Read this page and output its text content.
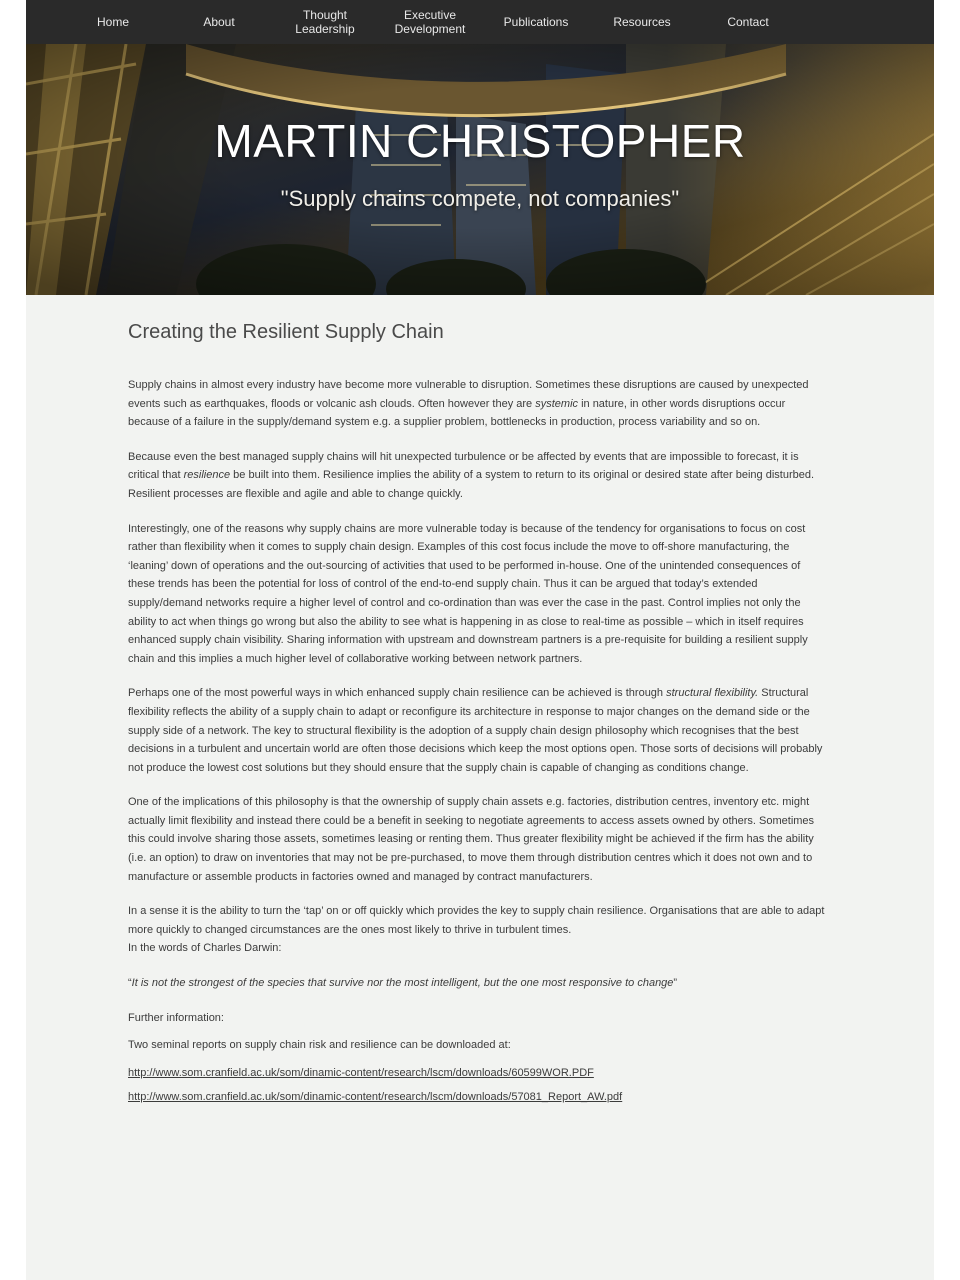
Home	About	Thought Leadership
Executive Development	Publications	Resources	Contact
MARTIN CHRISTOPHER
"Supply chains compete, not companies"
Creating the Resilient Supply Chain

Supply chains in almost every industry have become more vulnerable to disruption. Sometimes these disruptions are caused by unexpected events such as earthquakes, floods or volcanic ash clouds. Often however they are systemic in nature, in other words disruptions occur because of a failure in the supply/demand system e.g. a supplier problem, bottlenecks in production, process variability and so on.

Because even the best managed supply chains will hit unexpected turbulence or be affected by events that are impossible to forecast, it is critical that resilience be built into them. Resilience implies the ability of a system to return to its original or desired state after being disturbed. Resilient processes are flexible and agile and able to change quickly.

Interestingly, one of the reasons why supply chains are more vulnerable today is because of the tendency for organisations to focus on cost rather than flexibility when it comes to supply chain design. Examples of this cost focus include the move to off-shore manufacturing, the ‘leaning’ down of operations and the out-sourcing of activities that used to be performed in-house. One of the unintended consequences of these trends has been the potential for loss of control of the end-to-end supply chain. Thus it can be argued that today’s extended supply/demand networks require a higher level of control and co-ordination than was ever the case in the past. Control implies not only the ability to act when things go wrong but also the ability to see what is happening in as close to real-time as possible – which in itself requires enhanced supply chain visibility. Sharing information with upstream and downstream partners is a pre-requisite for building a resilient supply chain and this implies a much higher level of collaborative working between network partners.

Perhaps one of the most powerful ways in which enhanced supply chain resilience can be achieved is through structural flexibility. Structural flexibility reflects the ability of a supply chain to adapt or reconfigure its architecture in response to major changes on the demand side or the supply side of a network. The key to structural flexibility is the adoption of a supply chain design philosophy which recognises that the best decisions in a turbulent and uncertain world are often those decisions which keep the most options open. Those sorts of decisions will probably not produce the lowest cost solutions but they should ensure that the supply chain is capable of changing as conditions change.

One of the implications of this philosophy is that the ownership of supply chain assets e.g. factories, distribution centres, inventory etc. might actually limit flexibility and instead there could be a benefit in seeking to negotiate agreements to access assets owned by others. Sometimes this could involve sharing those assets, sometimes leasing or renting them. Thus greater flexibility might be achieved if the firm has the ability (i.e. an option) to draw on inventories that may not be pre-purchased, to move them through distribution centres which it does not own and to manufacture or assemble products in factories owned and managed by contract manufacturers.

In a sense it is the ability to turn the ‘tap’ on or off quickly which provides the key to supply chain resilience. Organisations that are able to adapt more quickly to changed circumstances are the ones most likely to thrive in turbulent times.

In the words of Charles Darwin:

“It is not the strongest of the species that survive nor the most intelligent, but the one most responsive to change”

Further information:

Two seminal reports on supply chain risk and resilience can be downloaded at:

http://www.som.cranfield.ac.uk/som/dinamic-content/research/lscm/downloads/60599WOR.PDF
http://www.som.cranfield.ac.uk/som/dinamic-content/research/lscm/downloads/57081_Report_AW.pdf
